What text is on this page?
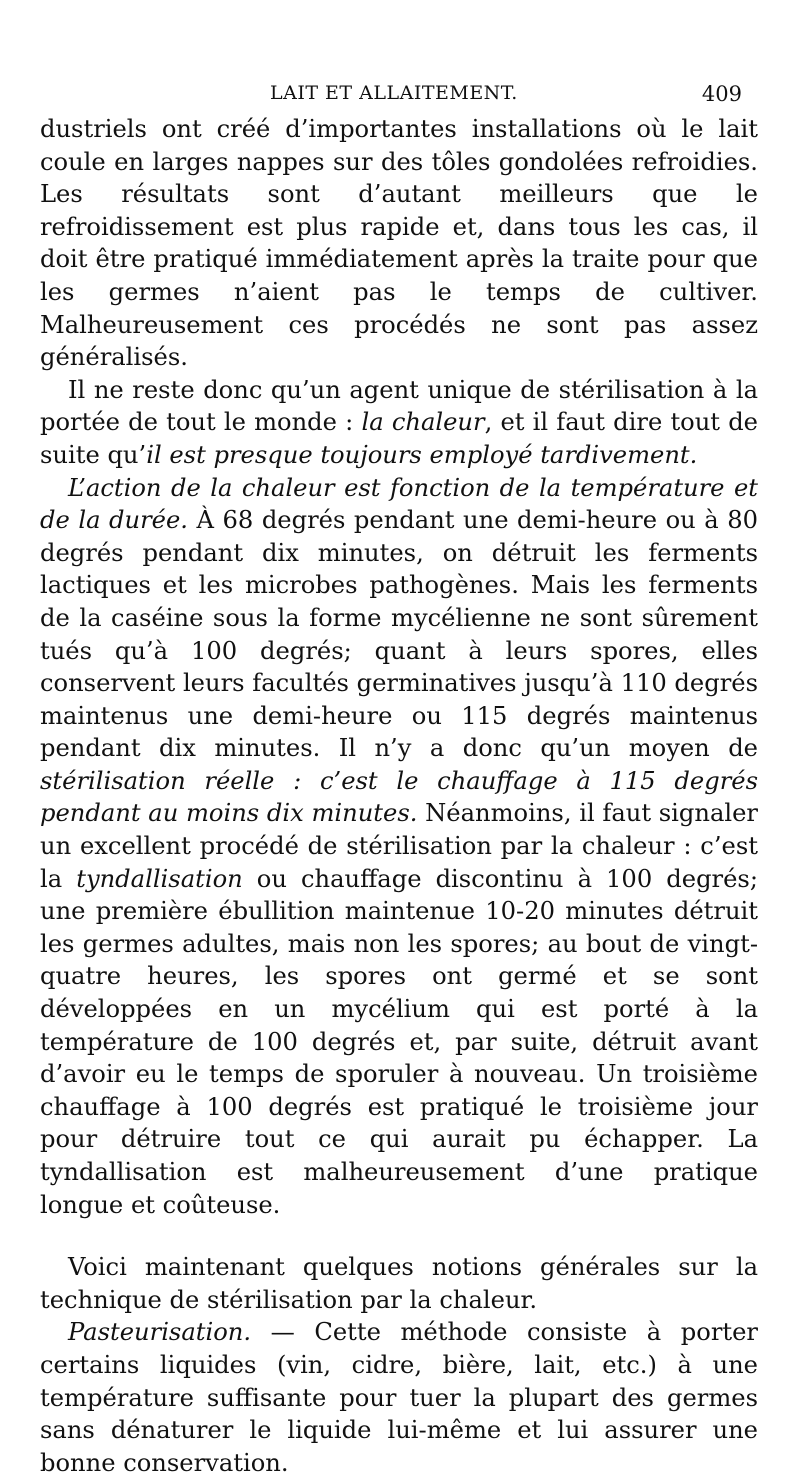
LAIT ET ALLAITEMENT.	409

dustriels ont créé d’importantes installations où le lait coule en larges nappes sur des tôles gondolées refroidies. Les résultats sont d’autant meilleurs que le refroidissement est plus rapide et, dans tous les cas, il doit être pratiqué immédiatement après la traite pour que les germes n’aient pas le temps de cultiver. Malheureusement ces procédés ne sont pas assez généralisés.

Il ne reste donc qu’un agent unique de stérilisation à la portée de tout le monde : la chaleur, et il faut dire tout de suite qu’il est presque toujours employé tardivement.

L’action de la chaleur est fonction de la température et de la durée. À 68 degrés pendant une demi-heure ou à 80 degrés pendant dix minutes, on détruit les ferments lactiques et les microbes pathogènes. Mais les ferments de la caséine sous la forme mycélienne ne sont sûrement tués qu’à 100 degrés; quant à leurs spores, elles conservent leurs facultés germinatives jusqu’à 110 degrés maintenus une demi-heure ou 115 degrés maintenus pendant dix minutes. Il n’y a donc qu’un moyen de stérilisation réelle : c’est le chauffage à 115 degrés pendant au moins dix minutes. Néanmoins, il faut signaler un excellent procédé de stérilisation par la chaleur : c’est la tyndallisation ou chauffage discontinu à 100 degrés; une première ébullition maintenue 10-20 minutes détruit les germes adultes, mais non les spores; au bout de vingt-quatre heures, les spores ont germé et se sont développées en un mycélium qui est porté à la température de 100 degrés et, par suite, détruit avant d’avoir eu le temps de sporuler à nouveau. Un troisième chauffage à 100 degrés est pratiqué le troisième jour pour détruire tout ce qui aurait pu échapper. La tyndallisation est malheureusement d’une pratique longue et coûteuse.

Voici maintenant quelques notions générales sur la technique de stérilisation par la chaleur.

Pasteurisation. — Cette méthode consiste à porter certains liquides (vin, cidre, bière, lait, etc.) à une température suffisante pour tuer la plupart des germes sans dénaturer le liquide lui-même et lui assurer une bonne conservation.
